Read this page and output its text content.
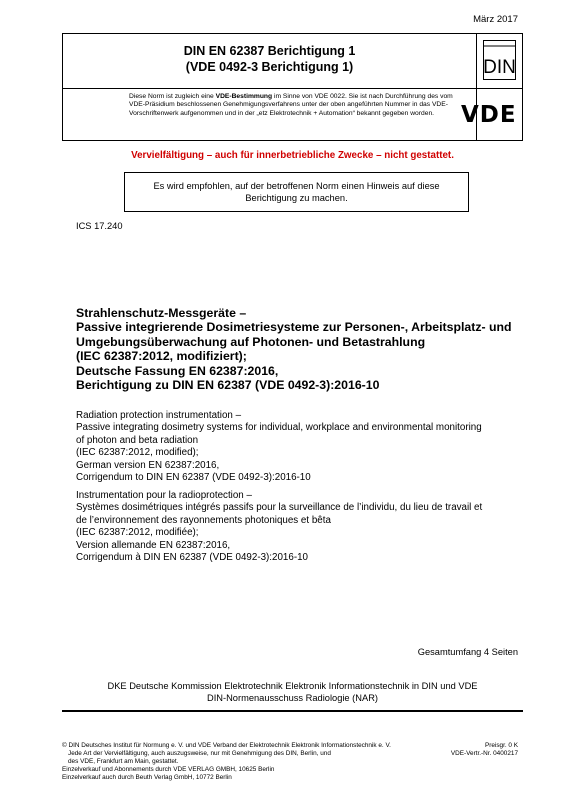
März 2017
DIN EN 62387 Berichtigung 1
(VDE 0492-3 Berichtigung 1)	DIN
Diese Norm ist zugleich eine VDE-Bestimmung im Sinne von VDE 0022. Sie ist nach Durchführung des vom VDE-Präsidium beschlossenen Genehmigungsverfahrens unter der oben angeführten Nummer in das VDE-Vorschriftenwerk aufgenommen und in der „etz Elektrotechnik + Automation“ bekannt gegeben worden.	VDE
Vervielfältigung – auch für innerbetriebliche Zwecke – nicht gestattet.
Es wird empfohlen, auf der betroffenen Norm einen Hinweis auf diese
Berichtigung zu machen.
ICS 17.240
Strahlenschutz-Messgeräte –
Passive integrierende Dosimetriesysteme zur Personen-, Arbeitsplatz- und
Umgebungsüberwachung auf Photonen- und Betastrahlung
(IEC 62387:2012, modifiziert);
Deutsche Fassung EN 62387:2016,
Berichtigung zu DIN EN 62387 (VDE 0492-3):2016-10
Radiation protection instrumentation –
Passive integrating dosimetry systems for individual, workplace and environmental monitoring
of photon and beta radiation
(IEC 62387:2012, modified);
German version EN 62387:2016,
Corrigendum to DIN EN 62387 (VDE 0492-3):2016-10
Instrumentation pour la radioprotection –
Systèmes dosimétriques intégrés passifs pour la surveillance de l’individu, du lieu de travail et
de l’environnement des rayonnements photoniques et bêta
(IEC 62387:2012, modifiée);
Version allemande EN 62387:2016,
Corrigendum à DIN EN 62387 (VDE 0492-3):2016-10
Gesamtumfang 4 Seiten
DKE Deutsche Kommission Elektrotechnik Elektronik Informationstechnik in DIN und VDE
DIN-Normenausschuss Radiologie (NAR)
© DIN Deutsches Institut für Normung e. V. und VDE Verband der Elektrotechnik Elektronik Informationstechnik e. V.
Jede Art der Vervielfältigung, auch auszugsweise, nur mit Genehmigung des DIN, Berlin, und
des VDE, Frankfurt am Main, gestattet.
Einzelverkauf und Abonnements durch VDE VERLAG GMBH, 10625 Berlin
Einzelverkauf auch durch Beuth Verlag GmbH, 10772 Berlin
Preisgr. 0 K
VDE-Vertr.-Nr. 0400217
